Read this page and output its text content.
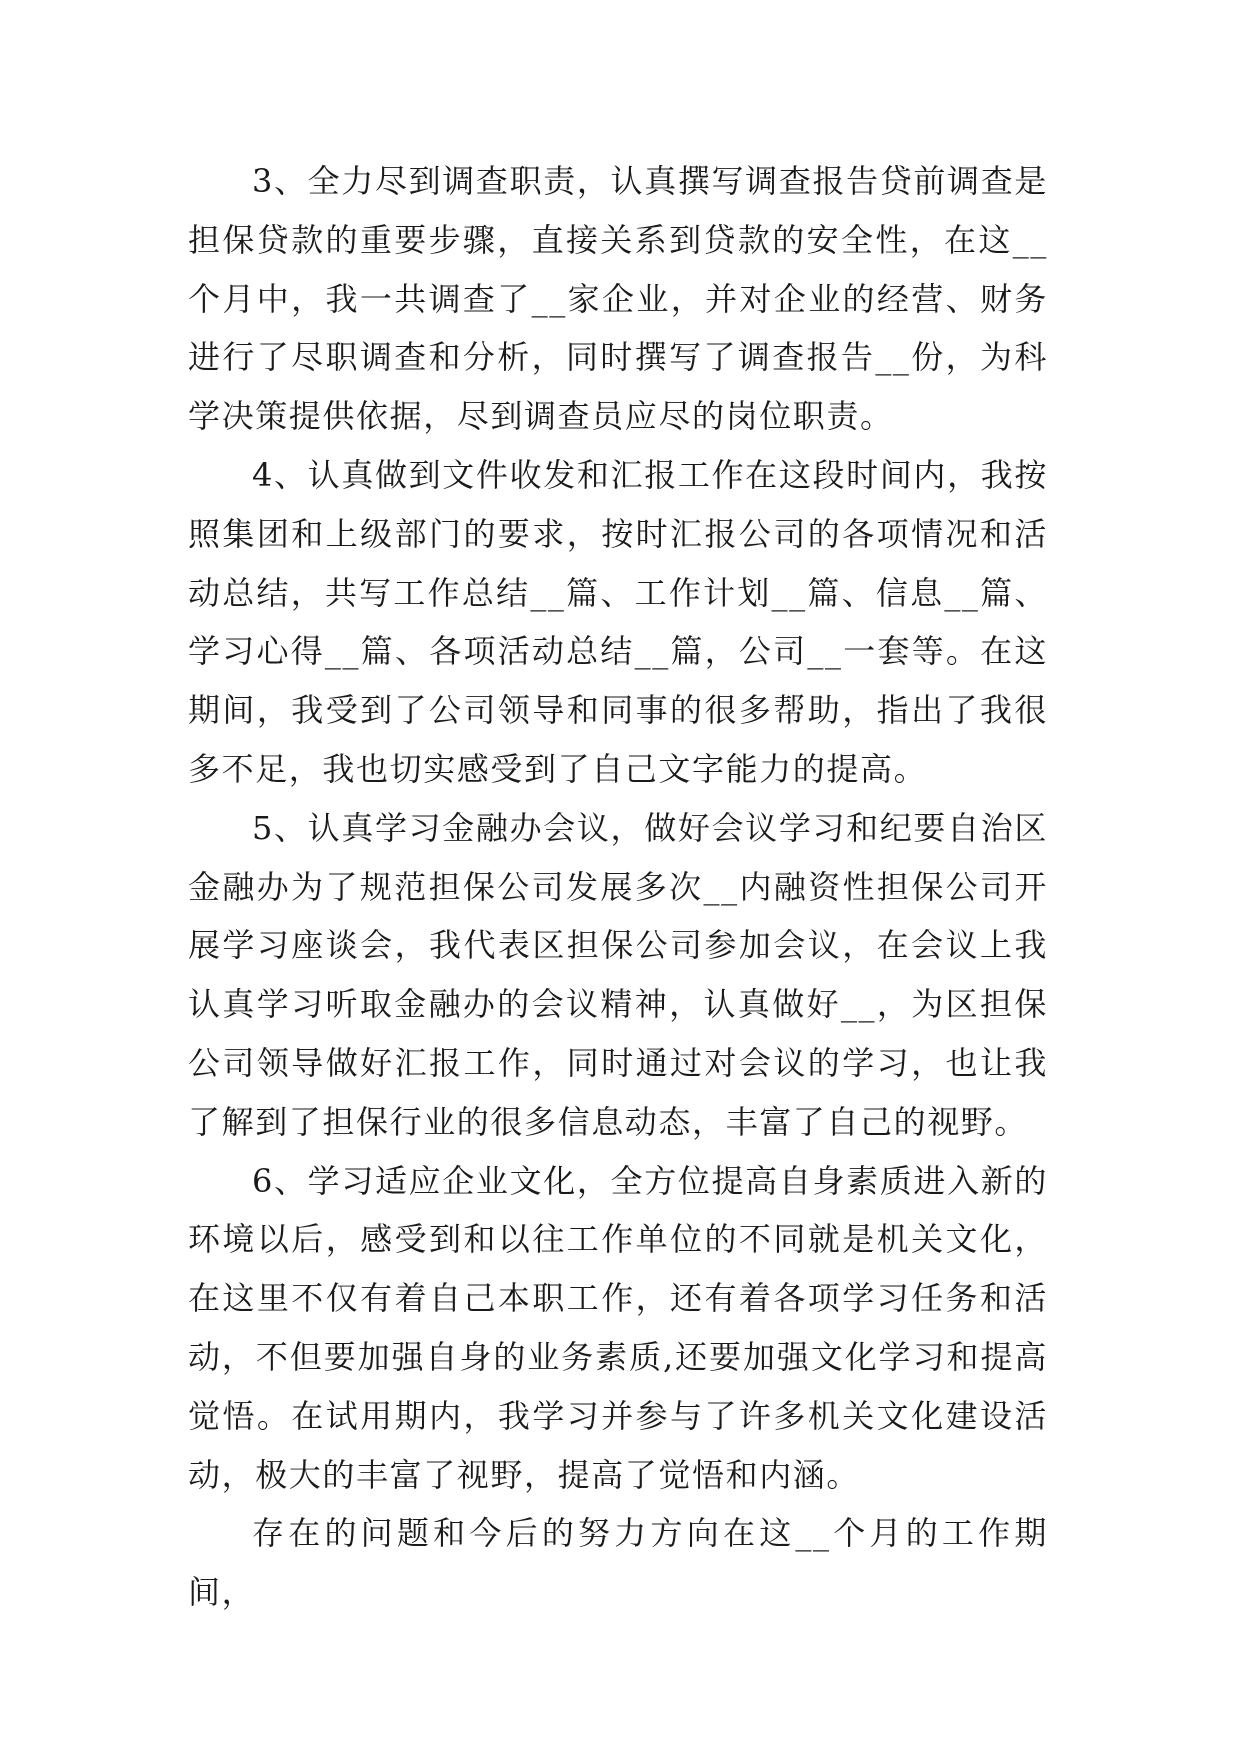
3、全力尽到调查职责，认真撰写调查报告贷前调查是担保贷款的重要步骤，直接关系到贷款的安全性，在这__个月中，我一共调查了__家企业，并对企业的经营、财务进行了尽职调查和分析，同时撰写了调查报告__份，为科学决策提供依据，尽到调查员应尽的岗位职责。

4、认真做到文件收发和汇报工作在这段时间内，我按照集团和上级部门的要求，按时汇报公司的各项情况和活动总结，共写工作总结__篇、工作计划__篇、信息__篇、学习心得__篇、各项活动总结__篇，公司__一套等。在这期间，我受到了公司领导和同事的很多帮助，指出了我很多不足，我也切实感受到了自己文字能力的提高。

5、认真学习金融办会议，做好会议学习和纪要自治区金融办为了规范担保公司发展多次__内融资性担保公司开展学习座谈会，我代表区担保公司参加会议，在会议上我认真学习听取金融办的会议精神，认真做好__，为区担保公司领导做好汇报工作，同时通过对会议的学习，也让我了解到了担保行业的很多信息动态，丰富了自己的视野。

6、学习适应企业文化，全方位提高自身素质进入新的环境以后，感受到和以往工作单位的不同就是机关文化，在这里不仅有着自己本职工作，还有着各项学习任务和活动，不但要加强自身的业务素质,还要加强文化学习和提高觉悟。在试用期内，我学习并参与了许多机关文化建设活动，极大的丰富了视野，提高了觉悟和内涵。

存在的问题和今后的努力方向在这__个月的工作期间，
